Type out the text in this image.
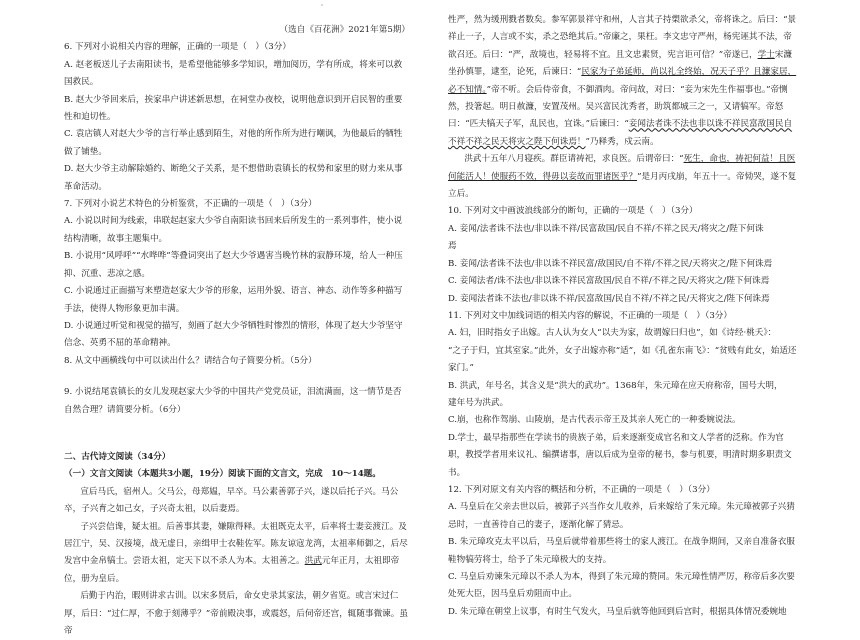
·

（选自《百花洲》2021年第5期）

6. 下列对小说相关内容的理解，正确的一项是（　）（3分）

A. 赵老板送儿子去南阳读书，是希望他能够多学知识，增加阅历，学有所成，将来可以救国救民。

B. 赵大少爷回来后，挨家串户讲述新思想，在祠堂办夜校，说明他意识到开启民智的重要性和迫切性。

C. 袁店镇人对赵大少爷的言行举止感到陌生，对他的所作所为进行嘲讽，为他最后的牺牲做了铺垫。

D. 赵大少爷主动解除婚约、断绝父子关系，是不想借助袁镇长的权势和家里的财力来从事革命活动。

7. 下列对小说艺术特色的分析鉴赏，不正确的一项是（　）（3分）

A. 小说以时间为线索，串联起赵家大少爷自南阳读书回来后所发生的一系列事件，使小说结构清晰，故事主题集中。

B. 小说用“风呼呼”“水哗哗”等叠词突出了赵大少爷遇害当晚竹林的寂静环境，给人一种压抑、沉重、悲凉之感。

C. 小说通过正面描写来塑造赵家大少爷的形象，运用外貌、语言、神态、动作等多种描写手法，使得人物形象更加丰满。

D. 小说通过听觉和视觉的描写，刻画了赵大少爷牺牲时惨烈的情形，体现了赵大少爷坚守信念、英勇不屈的革命精神。

8. 从文中画横线句中可以读出什么？请结合句子简要分析。（5分）

9. 小说结尾袁镇长的女儿发现赵家大少爷的中国共产党党员证，泪流满面，这一情节是否自然合理？请简要分析。（6分）

二、古代诗文阅读（34分）

（一）文言文阅读（本题共3小题，19分）阅读下面的文言文，完成　10～14题。

宣后马氏，宿州人。父马公，母郑媪，早卒。马公素善郭子兴，遂以后托子兴。马公卒，子兴育之如己女，子兴奇太祖，以后妻焉。

子兴尝信谗，疑太祖。后善事其妻，嫌隙得释。太祖既克太平，后率将士妻妾渡江。及居江宁，吴、汉接境，战无虚日，亲缉甲士衣鞋佐军。陈友谅寇龙湾，太祖率师御之，后尽发宫中金帛犒士。尝语太祖，定天下以不杀人为本。太祖善之。洪武元年正月，太祖即帝位，册为皇后。

后勤于内治，暇则讲求古训。以宋多贤后，命女史录其家法，朝夕省览。或言宋过仁厚，后曰：“过仁厚，不愈于刻薄乎？”帝前殿决事，或震怒，后伺帝还宫，辄随事微谏。虽帝

性严，然为缓刑戮者数矣。参军郭景祥守和州，人言其子持槊欲杀父，帝将诛之。后曰：“景祥止一子，人言或不实，杀之恐绝其后。”帝廉之，果枉。李文忠守严州，杨宪诬其不法，帝欲召还。后曰：“严，敌境也，轻易将不宜。且文忠素贤，宪言讵可信？”帝遂已，学士宋濂坐孙慎罪，逮至，论死，后谏曰：“民家为子弟延师，尚以礼全终始，况天子乎？且濂家居，必不知情。”帝不听。会后侍帝食，不御酒肉。帝问故，对曰：“妾为宋先生作福事也。”帝恻然，投箸起。明日赦濂，安置茂州。吴兴富民沈秀者，助筑都城三之一，又请犒军。帝怒曰：“匹夫犒天子军，乱民也，宜诛。”后谏曰：“妾闻法者诛不法也非以诛不祥民富敌国民自不祥不祥之民天将灾之陛下何诛焉！”乃释秀，戍云南。

洪武十五年八月寝疾。群臣请祷祀，求良医。后谓帝曰：“死生，命也，祷祀何益！且医何能活人！使服药不效，得毋以妾故而罪诸医乎？”是月丙戌崩，年五十一。帝恸哭，遂不复立后。

10. 下列对文中画波浪线部分的断句，正确的一项是（　）（3分）

A. 妾闻/法者诛不法也/非以诛不祥/民富敌国/民自不祥/不祥之民天/将灾之/陛下何诛

焉

B. 妾闻/法者诛不法也/非以诛不祥民富/敌国民/自不祥/不祥之民/天将灾之/陛下何诛焉

C. 妾闻法者/诛不法也/非以诛不祥民富敌国/民自不祥/不祥之民/天将灾之/陛下何诛焉

D. 妾闻法者诛不法也/非以诛不祥/民富敌国/民自不祥/不祥之民/天将灾之/陛下何诛焉

11. 下列对文中加线词语的相关内容的解说，不正确的一项是（　）（3分）

A. 妇，旧时指女子出嫁。古人认为女人“以夫为家，故谓嫁曰归也”，如《诗经·桃夭》：

“之子于归，宜其室家。”此外，女子出嫁亦称“适”，如《孔雀东南飞》：“贫贱有此女，始适还家门。”

B. 洪武，年号名，其含义是“洪大的武功”。1368年，朱元璋在应天府称帝，国号大明，

建年号为洪武。

C.崩，也称作驾崩、山陵崩，是古代表示帝王及其亲人死亡的一种委婉说法。

D.学士，最早指那些在学读书的贵族子弟，后来逐渐变成官名和文人学者的泛称。作为官职，教授学者用来议礼、编撰诸事，唐以后成为皇帝的秘书，参与机要，明清时期多职责文书。

12. 下列对原文有关内容的概括和分析，不正确的一项是（　）（3分）

A. 马皇后在父亲去世以后，被郭子兴当作女儿收养，后来嫁给了朱元璋。朱元璋被郭子兴猜忌时，一直善待自己的妻子，逐渐化解了猜忌。

B. 朱元璋攻克太平以后，马皇后就带着那些将士的家人渡江。在战争期间，又亲自准备衣服鞋物犒劳将士，给予了朱元璋极大的支持。

C. 马皇后劝谏朱元璋以不杀人为本，得到了朱元璋的赞同。朱元璋性情严厉，称帝后多次要处死大臣，因马皇后劝阻而中止。

D. 朱元璋在朝堂上议事，有时生气发火，马皇后就等他回到后宫时，根据具体情况委婉地
